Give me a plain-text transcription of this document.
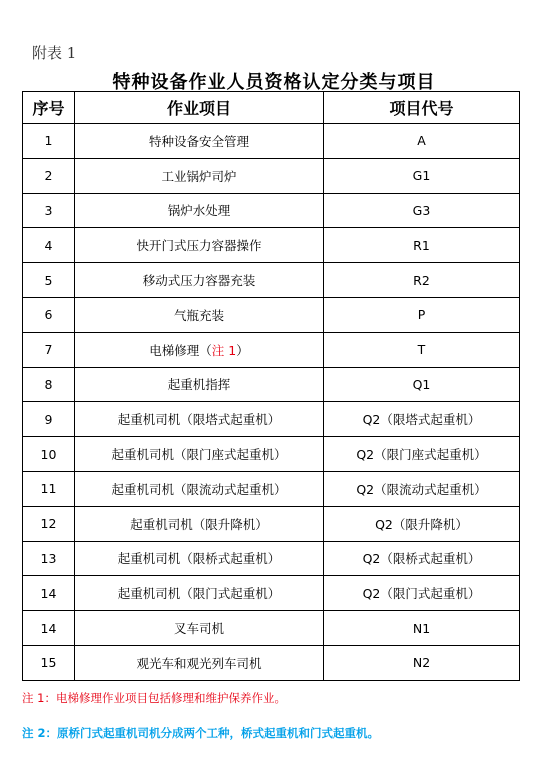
附表 1
特种设备作业人员资格认定分类与项目
序号	作业项目	项目代号
1	特种设备安全管理	A
2	工业锅炉司炉	G1
3	锅炉水处理	G3
4	快开门式压力容器操作	R1
5	移动式压力容器充装	R2
6	气瓶充装	P
7	电梯修理（注 1）	T
8	起重机指挥	Q1
9	起重机司机（限塔式起重机）	Q2（限塔式起重机）
10	起重机司机（限门座式起重机）	Q2（限门座式起重机）
11	起重机司机（限流动式起重机）	Q2（限流动式起重机）
12	起重机司机（限升降机）	Q2（限升降机）
13	起重机司机（限桥式起重机）	Q2（限桥式起重机）
14	起重机司机（限门式起重机）	Q2（限门式起重机）
14	叉车司机	N1
15	观光车和观光列车司机	N2
注 1：电梯修理作业项目包括修理和维护保养作业。
注 2：原桥门式起重机司机分成两个工种，桥式起重机和门式起重机。
